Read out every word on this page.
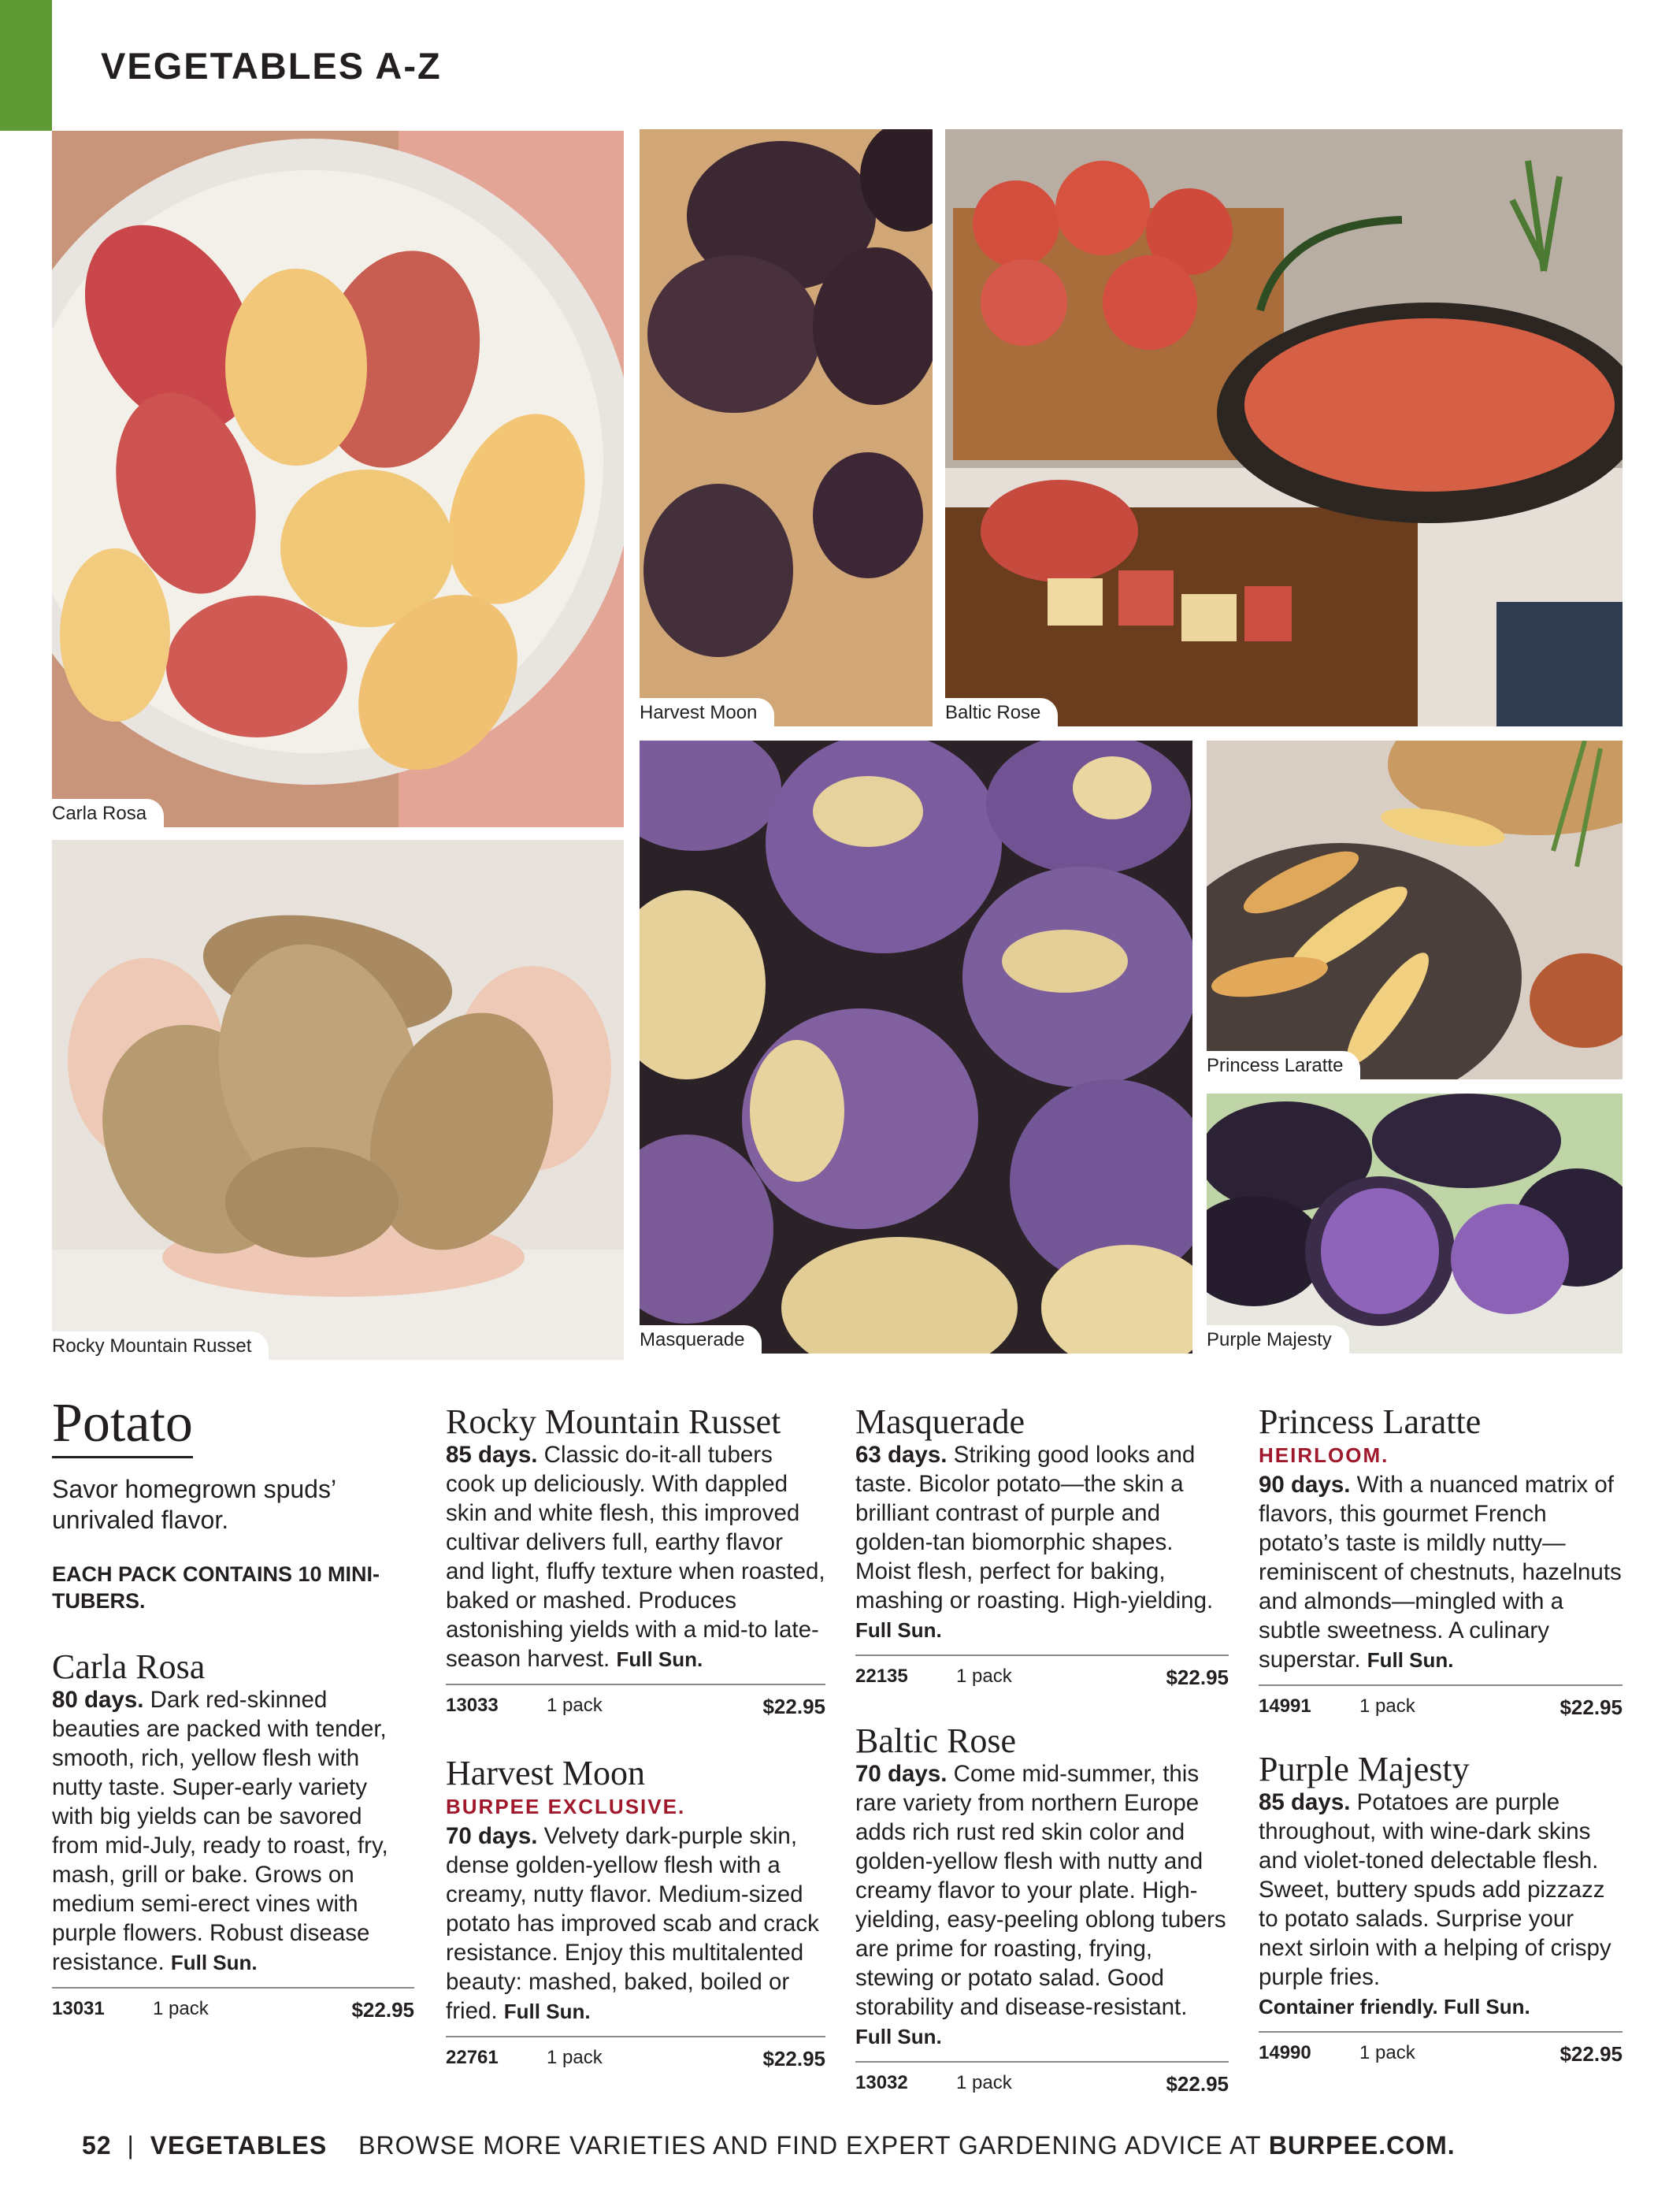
VEGETABLES A-Z
Carla Rosa
Harvest Moon	Baltic Rose
Rocky Mountain Russet	Masquerade
Princess Laratte
Purple Majesty
Potato

Savor homegrown spuds’ unrivaled flavor.

EACH PACK CONTAINS 10 MINI-TUBERS.

Carla Rosa

80 days. Dark red-skinned beauties are packed with tender, smooth, rich, yellow flesh with nutty taste. Super-early variety with big yields can be savored from mid-July, ready to roast, fry, mash, grill or bake. Grows on medium semi-erect vines with purple flowers. Robust disease resistance. Full Sun.

13031	1 pack	$22.95
Rocky Mountain Russet

85 days. Classic do-it-all tubers cook up deliciously. With dappled skin and white flesh, this improved cultivar delivers full, earthy flavor and light, fluffy texture when roasted, baked or mashed. Produces astonishing yields with a mid-to late-season harvest. Full Sun.

13033	1 pack	$22.95
Harvest Moon

BURPEE EXCLUSIVE.

70 days. Velvety dark-purple skin, dense golden-yellow flesh with a creamy, nutty flavor. Medium-sized potato has improved scab and crack resistance. Enjoy this multitalented beauty: mashed, baked, boiled or fried. Full Sun.

22761	1 pack	$22.95
Masquerade

63 days. Striking good looks and taste. Bicolor potato—the skin a brilliant contrast of purple and golden-tan biomorphic shapes. Moist flesh, perfect for baking, mashing or roasting. High-yielding. Full Sun.

22135	1 pack	$22.95
Baltic Rose

70 days. Come mid-summer, this rare variety from northern Europe adds rich rust red skin color and golden-yellow flesh with nutty and creamy flavor to your plate. High-yielding, easy-peeling oblong tubers are prime for roasting, frying, stewing or potato salad. Good storability and disease-resistant. Full Sun.

13032	1 pack	$22.95
Princess Laratte

HEIRLOOM.

90 days. With a nuanced matrix of flavors, this gourmet French potato’s taste is mildly nutty—reminiscent of chestnuts, hazelnuts and almonds—mingled with a subtle sweetness. A culinary superstar. Full Sun.

14991	1 pack	$22.95
Purple Majesty

85 days. Potatoes are purple throughout, with wine-dark skins and violet-toned delectable flesh. Sweet, buttery spuds add pizzazz to potato salads. Surprise your next sirloin with a helping of crispy purple fries.
Container friendly. Full Sun.

14990	1 pack	$22.95
52 | VEGETABLES BROWSE MORE VARIETIES AND FIND EXPERT GARDENING ADVICE AT BURPEE.COM.
